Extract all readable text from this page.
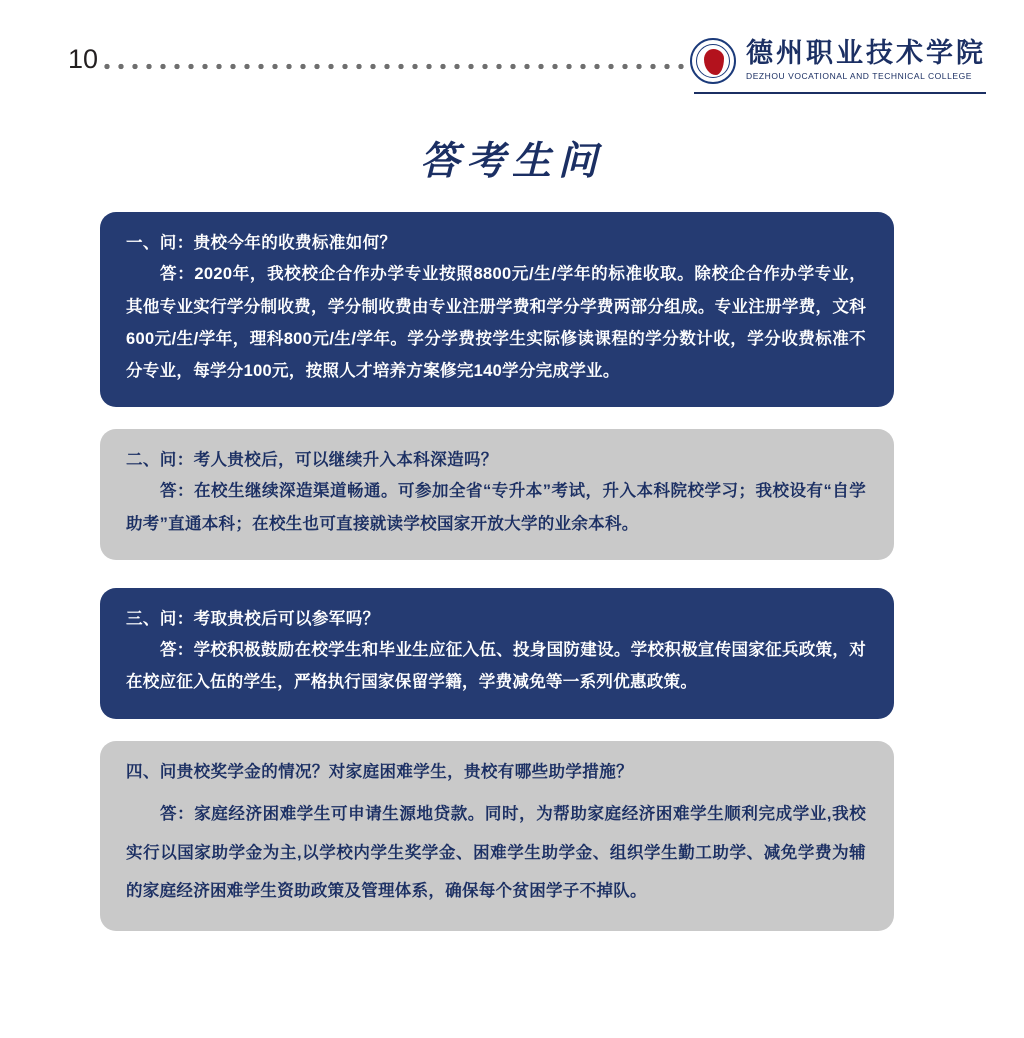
10	德州职业技术学院
DEZHOU VOCATIONAL AND TECHNICAL COLLEGE
答考生问

一、问：贵校今年的收费标准如何？

答：2020年，我校校企合作办学专业按照8800元/生/学年的标准收取。除校企合作办学专业，其他专业实行学分制收费，学分制收费由专业注册学费和学分学费两部分组成。专业注册学费，文科600元/生/学年，理科800元/生/学年。学分学费按学生实际修读课程的学分数计收，学分收费标准不分专业，每学分100元，按照人才培养方案修完140学分完成学业。

二、问：考人贵校后，可以继续升入本科深造吗？

答：在校生继续深造渠道畅通。可参加全省“专升本”考试，升入本科院校学习；我校设有“自学助考”直通本科；在校生也可直接就读学校国家开放大学的业余本科。

三、问：考取贵校后可以参军吗？

答：学校积极鼓励在校学生和毕业生应征入伍、投身国防建设。学校积极宣传国家征兵政策，对在校应征入伍的学生，严格执行国家保留学籍，学费减免等一系列优惠政策。

四、问贵校奖学金的情况？对家庭困难学生，贵校有哪些助学措施？

答：家庭经济困难学生可申请生源地贷款。同时，为帮助家庭经济困难学生顺利完成学业,我校实行以国家助学金为主,以学校内学生奖学金、困难学生助学金、组织学生勤工助学、减免学费为辅的家庭经济困难学生资助政策及管理体系，确保每个贫困学子不掉队。
